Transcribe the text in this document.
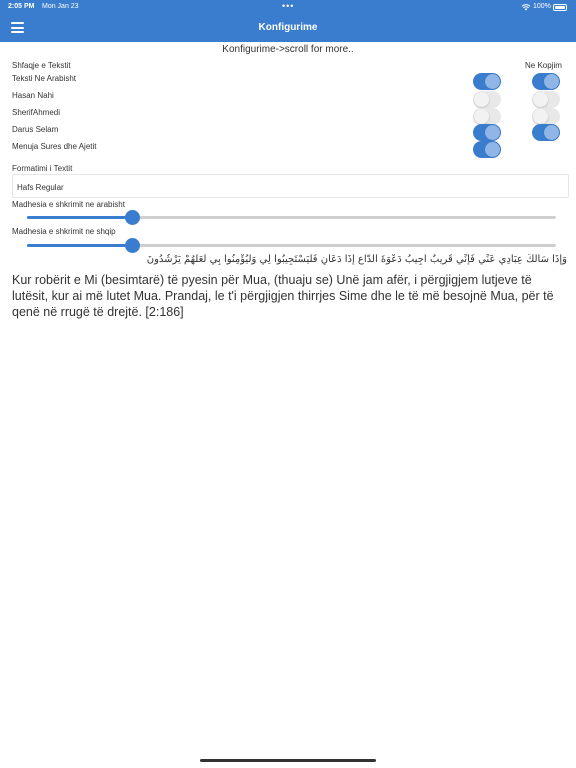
2:05 PM Mon Jan 23	•••	100%
Konfigurime
Konfigurime->scroll for more..
Shfaqje e Tekstit	Ne Kopjim
Teksti Ne Arabisht
Hasan Nahi
SherifAhmedi
Darus Selam
Menuja Sures dhe Ajetit
Formatimi i Textit
Hafs Regular
Madhesia e shkrimit ne arabisht
Madhesia e shkrimit ne shqip
وَإِذَا سَأَلَكَ عِبَادِي عَنِّي فَإِنِّي قَرِيبٌ أُجِيبُ دَعْوَةَ الدَّاعِ إِذَا دَعَانِ فَلْيَسْتَجِيبُوا لِي وَلْيُؤْمِنُوا بِي لَعَلَّهُمْ يَرْشُدُونَ
Kur robërit e Mi (besimtarë) të pyesin për Mua, (thuaju se) Unë jam afër, i përgjigjem lutjeve të lutësit, kur ai më lutet Mua. Prandaj, le t'i përgjigjen thirrjes Sime dhe le të më besojnë Mua, për të qenë në rrugë të drejtë. [2:186]
